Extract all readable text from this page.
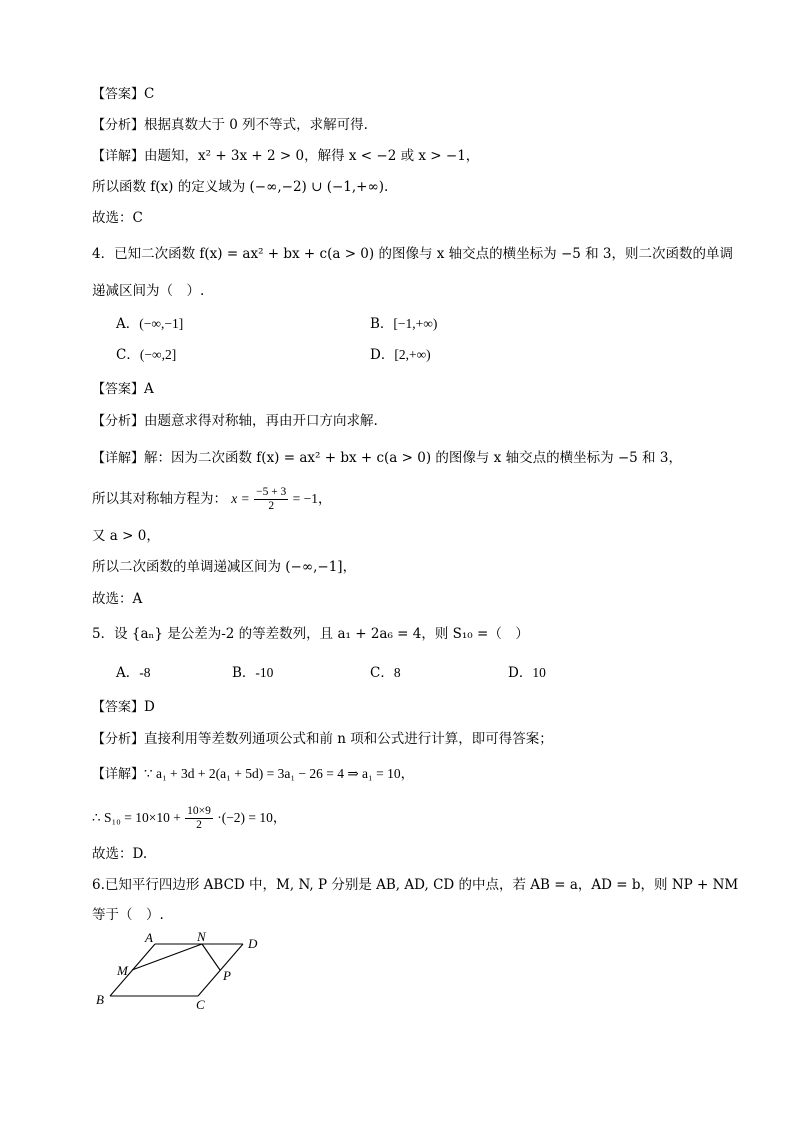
【答案】C
【分析】根据真数大于 0 列不等式，求解可得.
【详解】由题知，x² + 3x + 2 > 0，解得 x < −2 或 x > −1，
所以函数 f(x) 的定义域为 (−∞,−2) ∪ (−1,+∞).
故选：C
4．已知二次函数 f(x) = ax² + bx + c(a > 0) 的图像与 x 轴交点的横坐标为 −5 和 3，则二次函数的单调
递减区间为（　）.
A．(−∞,−1]	B．[−1,+∞)
C．(−∞,2]	D．[2,+∞)
【答案】A
【分析】由题意求得对称轴，再由开口方向求解.
【详解】解：因为二次函数 f(x) = ax² + bx + c(a > 0) 的图像与 x 轴交点的横坐标为 −5 和 3，
所以其对称轴方程为： $x = \frac{-5 + 3}{2} = -1$，
又 a > 0，
所以二次函数的单调递减区间为 (−∞,−1]，
故选：A
5．设 {aₙ} 是公差为-2 的等差数列，且 a₁ + 2a₆ = 4，则 S₁₀ =（　）
A．-8	B．-10	C．8	D．10
【答案】D
【分析】直接利用等差数列通项公式和前 n 项和公式进行计算，即可得答案；
【详解】∵ a₁ + 3d + 2(a₁ + 5d) = 3a₁ − 26 = 4 ⇒ a₁ = 10，
∴ $S_{10} = 10\times 10 + \frac{10\times 9}{2} \cdot(-2) = 10$，
故选：D.
6.已知平行四边形 ABCD 中，M, N, P 分别是 AB, AD, CD 的中点，若 AB = a，AD = b，则 NP + NM
等于（　）.
A	N	D
M	P
B	C
